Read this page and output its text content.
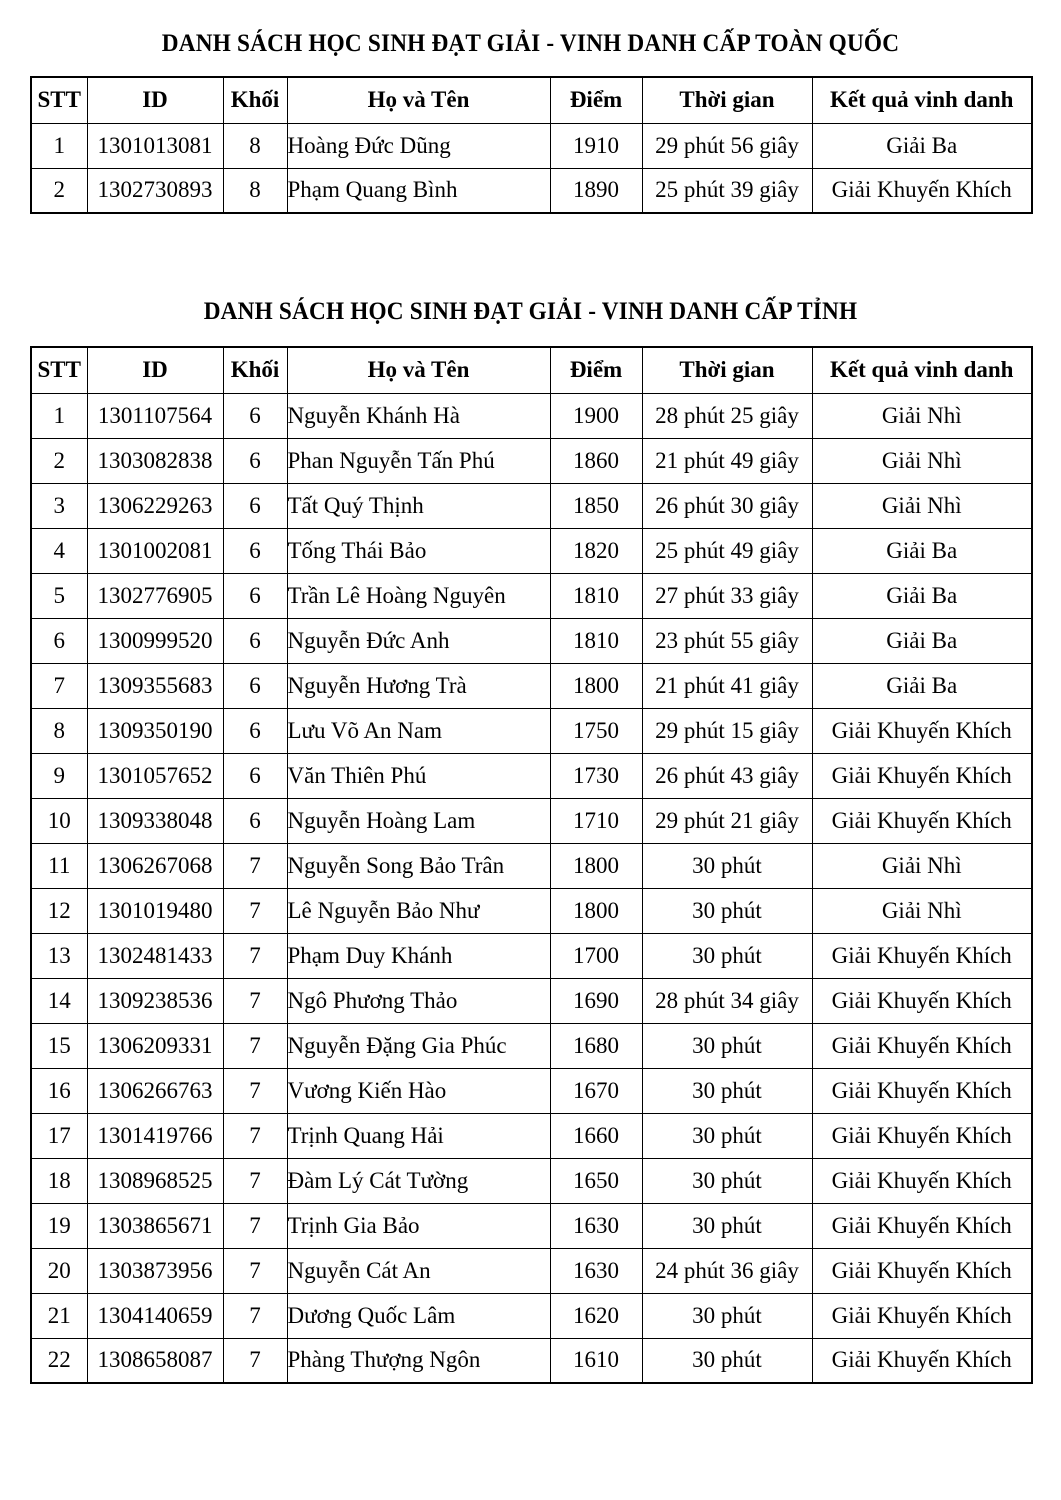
DANH SÁCH HỌC SINH ĐẠT GIẢI - VINH DANH CẤP TOÀN QUỐC
STT	ID	Khối	Họ và Tên	Điểm	Thời gian	Kết quả vinh danh
1	1301013081	8	Hoàng Đức Dũng	1910	29 phút 56 giây	Giải Ba
2	1302730893	8	Phạm Quang Bình	1890	25 phút 39 giây	Giải Khuyến Khích
DANH SÁCH HỌC SINH ĐẠT GIẢI - VINH DANH CẤP TỈNH
STT	ID	Khối	Họ và Tên	Điểm	Thời gian	Kết quả vinh danh
1	1301107564	6	Nguyễn Khánh Hà	1900	28 phút 25 giây	Giải Nhì
2	1303082838	6	Phan Nguyễn Tấn Phú	1860	21 phút 49 giây	Giải Nhì
3	1306229263	6	Tất Quý Thịnh	1850	26 phút 30 giây	Giải Nhì
4	1301002081	6	Tống Thái Bảo	1820	25 phút 49 giây	Giải Ba
5	1302776905	6	Trần Lê Hoàng Nguyên	1810	27 phút 33 giây	Giải Ba
6	1300999520	6	Nguyễn Đức Anh	1810	23 phút 55 giây	Giải Ba
7	1309355683	6	Nguyễn Hương Trà	1800	21 phút 41 giây	Giải Ba
8	1309350190	6	Lưu Võ An Nam	1750	29 phút 15 giây	Giải Khuyến Khích
9	1301057652	6	Văn Thiên Phú	1730	26 phút 43 giây	Giải Khuyến Khích
10	1309338048	6	Nguyễn Hoàng Lam	1710	29 phút 21 giây	Giải Khuyến Khích
11	1306267068	7	Nguyễn Song Bảo Trân	1800	30 phút	Giải Nhì
12	1301019480	7	Lê Nguyễn Bảo Như	1800	30 phút	Giải Nhì
13	1302481433	7	Phạm Duy Khánh	1700	30 phút	Giải Khuyến Khích
14	1309238536	7	Ngô Phương Thảo	1690	28 phút 34 giây	Giải Khuyến Khích
15	1306209331	7	Nguyễn Đặng Gia Phúc	1680	30 phút	Giải Khuyến Khích
16	1306266763	7	Vương Kiến Hào	1670	30 phút	Giải Khuyến Khích
17	1301419766	7	Trịnh Quang Hải	1660	30 phút	Giải Khuyến Khích
18	1308968525	7	Đàm Lý Cát Tường	1650	30 phút	Giải Khuyến Khích
19	1303865671	7	Trịnh Gia Bảo	1630	30 phút	Giải Khuyến Khích
20	1303873956	7	Nguyễn Cát An	1630	24 phút 36 giây	Giải Khuyến Khích
21	1304140659	7	Dương Quốc Lâm	1620	30 phút	Giải Khuyến Khích
22	1308658087	7	Phàng Thượng Ngôn	1610	30 phút	Giải Khuyến Khích
